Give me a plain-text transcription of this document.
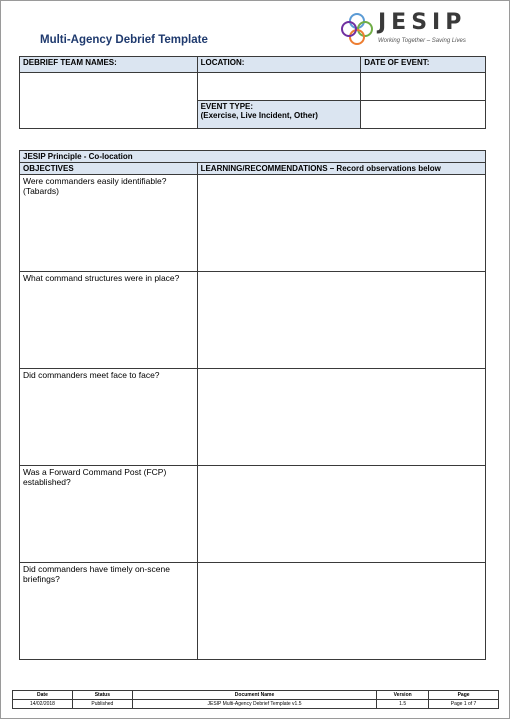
Multi-Agency Debrief Template
JESIP
Working Together – Saving Lives
DEBRIEF TEAM NAMES:	LOCATION:	DATE OF EVENT:

	EVENT TYPE:
(Exercise, Live Incident, Other)	

JESIP Principle - Co-location	
OBJECTIVES	LEARNING/RECOMMENDATIONS – Record observations below
Were commanders easily identifiable? (Tabards)	
What command structures were in place?	
Did commanders meet face to face?	
Was a Forward Command Post (FCP) established?	
Did commanders have timely on-scene briefings?	
Date	Status	Document Name	Version	Page
14/02/2018	Published	JESIP Multi-Agency Debrief Template v1.5	1.5	Page 1 of 7
